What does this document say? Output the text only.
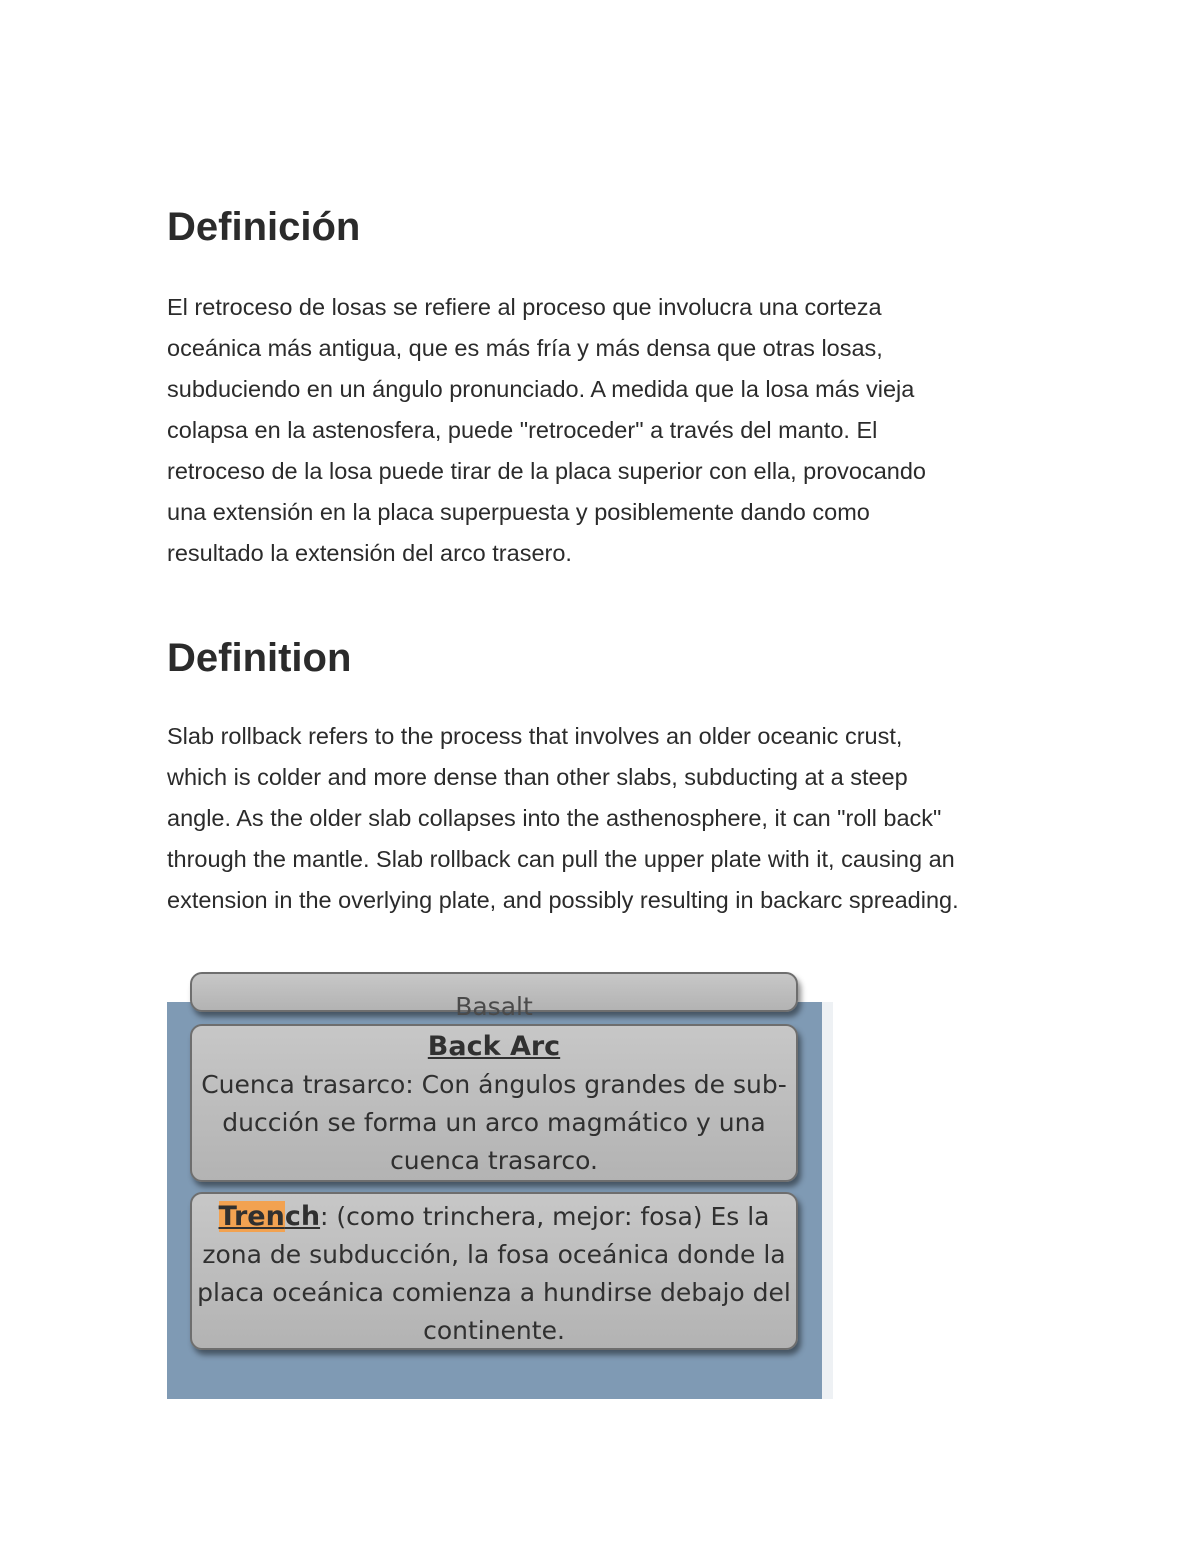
Definición
El retroceso de losas se refiere al proceso que involucra una corteza
oceánica más antigua, que es más fría y más densa que otras losas,
subduciendo en un ángulo pronunciado. A medida que la losa más vieja
colapsa en la astenosfera, puede "retroceder" a través del manto. El
retroceso de la losa puede tirar de la placa superior con ella, provocando
una extensión en la placa superpuesta y posiblemente dando como
resultado la extensión del arco trasero.
Definition
Slab rollback refers to the process that involves an older oceanic crust,
which is colder and more dense than other slabs, subducting at a steep
angle. As the older slab collapses into the asthenosphere, it can "roll back"
through the mantle. Slab rollback can pull the upper plate with it, causing an
extension in the overlying plate, and possibly resulting in backarc spreading.
Basalt
Back Arc
Cuenca trasarco: Con ángulos grandes de sub-
ducción se forma un arco magmático y una
cuenca trasarco.
Trench: (como trinchera, mejor: fosa) Es la
zona de subducción, la fosa oceánica donde la
placa oceánica comienza a hundirse debajo del
continente.
